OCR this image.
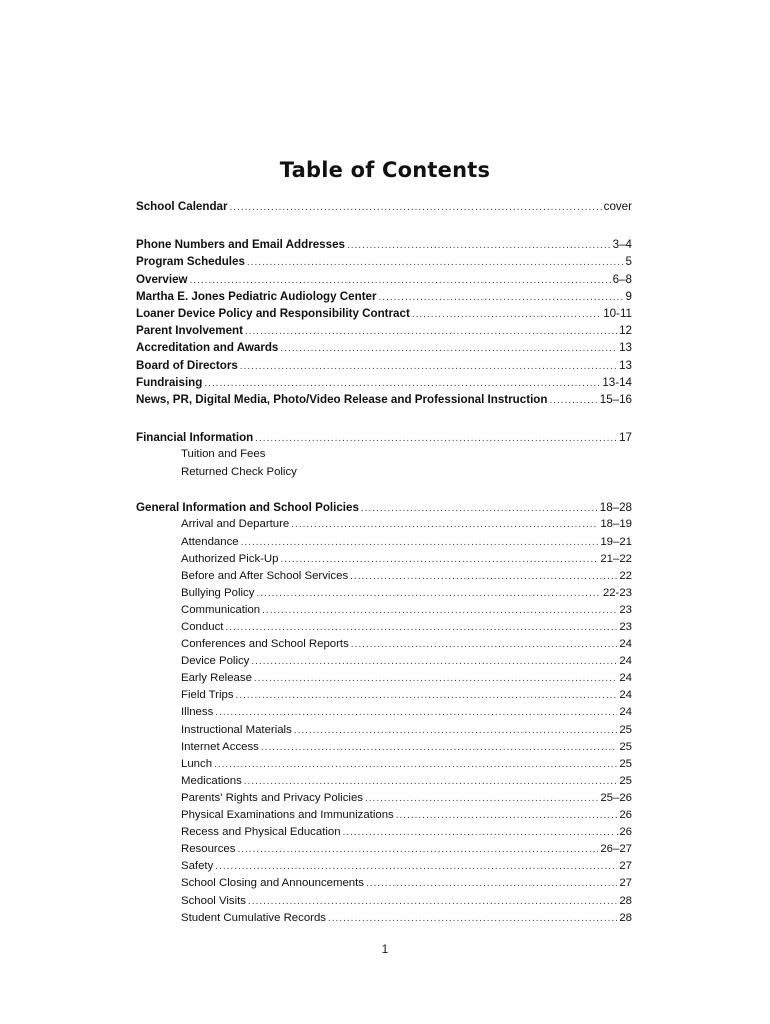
Table of Contents
School Calendar .....	cover
Phone Numbers and Email Addresses .....	3–4
Program Schedules .....	5
Overview .....	6–8
Martha E. Jones Pediatric Audiology Center .....	9
Loaner Device Policy and Responsibility Contract .....	10-11
Parent Involvement .....	12
Accreditation and Awards .....	13
Board of Directors .....	13
Fundraising .....	13-14
News, PR, Digital Media, Photo/Video Release and Professional Instruction .....	15–16
Financial Information .....	17
Tuition and Fees
Returned Check Policy
General Information and School Policies .....	18–28
Arrival and Departure .....	18–19
Attendance .....	19–21
Authorized Pick-Up .....	21–22
Before and After School Services .....	22
Bullying Policy .....	22-23
Communication .....	23
Conduct .....	23
Conferences and School Reports .....	24
Device Policy .....	24
Early Release .....	24
Field Trips .....	24
Illness .....	24
Instructional Materials .....	25
Internet Access .....	25
Lunch .....	25
Medications .....	25
Parents' Rights and Privacy Policies .....	25–26
Physical Examinations and Immunizations .....	26
Recess and Physical Education .....	.26
Resources .....	26–27
Safety .....	27
School Closing and Announcements .....	27
School Visits .....	28
Student Cumulative Records .....	28
1
